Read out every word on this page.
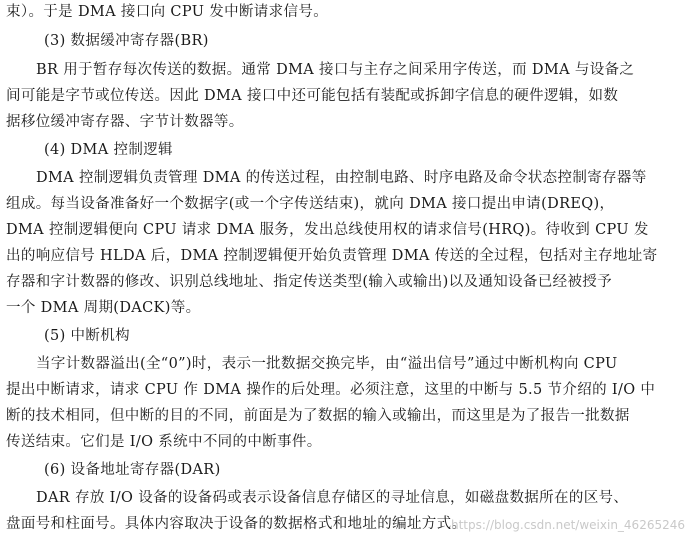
束）。于是 DMA 接口向 CPU 发中断请求信号。
(3) 数据缓冲寄存器(BR)
BR 用于暂存每次传送的数据。通常 DMA 接口与主存之间采用字传送，而 DMA 与设备之
间可能是字节或位传送。因此 DMA 接口中还可能包括有装配或拆卸字信息的硬件逻辑，如数
据移位缓冲寄存器、字节计数器等。
(4) DMA 控制逻辑
DMA 控制逻辑负责管理 DMA 的传送过程，由控制电路、时序电路及命令状态控制寄存器等
组成。每当设备准备好一个数据字(或一个字传送结束)，就向 DMA 接口提出申请(DREQ)，
DMA 控制逻辑便向 CPU 请求 DMA 服务，发出总线使用权的请求信号(HRQ)。待收到 CPU 发
出的响应信号 HLDA 后，DMA 控制逻辑便开始负责管理 DMA 传送的全过程，包括对主存地址寄
存器和字计数器的修改、识别总线地址、指定传送类型(输入或输出)以及通知设备已经被授予
一个 DMA 周期(DACK)等。
(5) 中断机构
当字计数器溢出(全“0”)时，表示一批数据交换完毕，由“溢出信号”通过中断机构向 CPU
提出中断请求，请求 CPU 作 DMA 操作的后处理。必须注意，这里的中断与 5.5 节介绍的 I/O 中
断的技术相同，但中断的目的不同，前面是为了数据的输入或输出，而这里是为了报告一批数据
传送结束。它们是 I/O 系统中不同的中断事件。
(6) 设备地址寄存器(DAR)
DAR 存放 I/O 设备的设备码或表示设备信息存储区的寻址信息，如磁盘数据所在的区号、
盘面号和柱面号。具体内容取决于设备的数据格式和地址的编址方式。
https://blog.csdn.net/weixin_46265246
